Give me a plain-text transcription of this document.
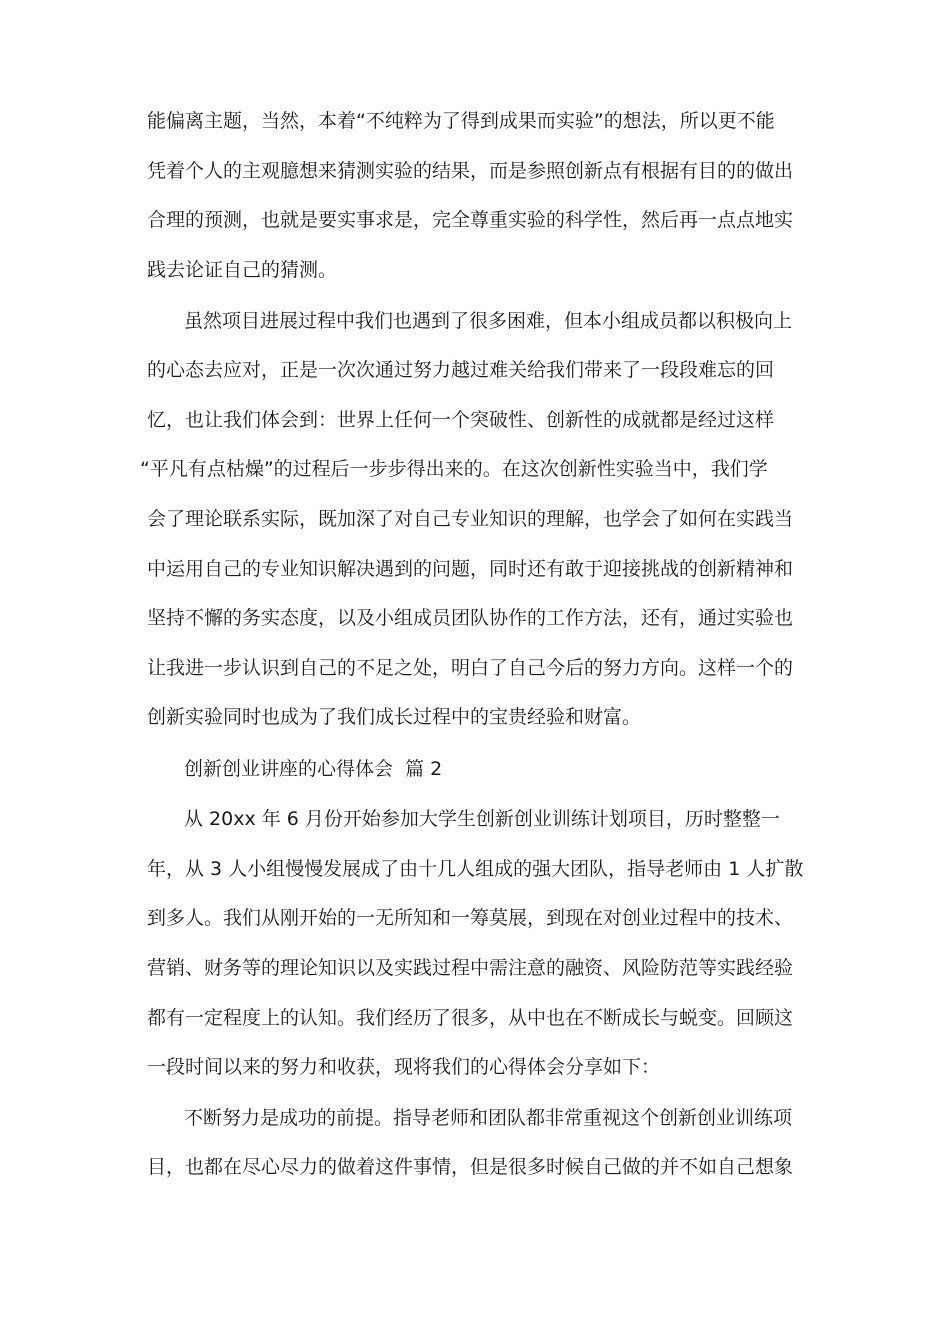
能偏离主题，当然，本着“不纯粹为了得到成果而实验”的想法，所以更不能
凭着个人的主观臆想来猜测实验的结果，而是参照创新点有根据有目的的做出
合理的预测，也就是要实事求是，完全尊重实验的科学性，然后再一点点地实
践去论证自己的猜测。
虽然项目进展过程中我们也遇到了很多困难，但本小组成员都以积极向上
的心态去应对，正是一次次通过努力越过难关给我们带来了一段段难忘的回
忆，也让我们体会到：世界上任何一个突破性、创新性的成就都是经过这样
“平凡有点枯燥”的过程后一步步得出来的。在这次创新性实验当中，我们学
会了理论联系实际，既加深了对自己专业知识的理解，也学会了如何在实践当
中运用自己的专业知识解决遇到的问题，同时还有敢于迎接挑战的创新精神和
坚持不懈的务实态度，以及小组成员团队协作的工作方法，还有，通过实验也
让我进一步认识到自己的不足之处，明白了自己今后的努力方向。这样一个的
创新实验同时也成为了我们成长过程中的宝贵经验和财富。
创新创业讲座的心得体会  篇 2
从 20xx 年 6 月份开始参加大学生创新创业训练计划项目，历时整整一
年，从 3 人小组慢慢发展成了由十几人组成的强大团队，指导老师由 1 人扩散
到多人。我们从刚开始的一无所知和一筹莫展，到现在对创业过程中的技术、
营销、财务等的理论知识以及实践过程中需注意的融资、风险防范等实践经验
都有一定程度上的认知。我们经历了很多，从中也在不断成长与蜕变。回顾这
一段时间以来的努力和收获，现将我们的心得体会分享如下：
不断努力是成功的前提。指导老师和团队都非常重视这个创新创业训练项
目，也都在尽心尽力的做着这件事情，但是很多时候自己做的并不如自己想象
